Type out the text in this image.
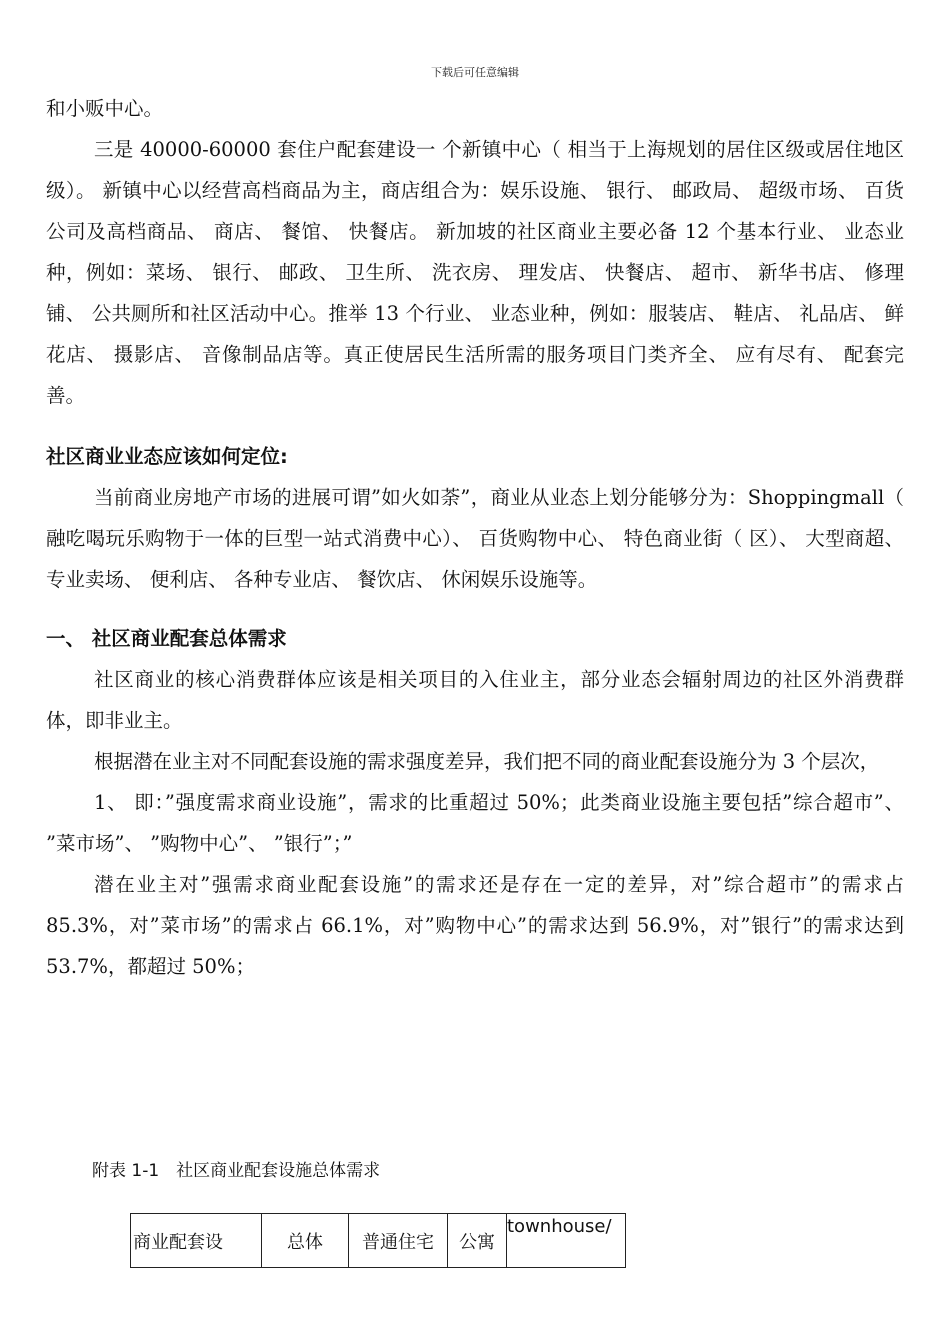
下载后可任意编辑

和小贩中心。

三是 40000-60000 套住户配套建设一 个新镇中心（ 相当于上海规划的居住区级或居住地区级）。 新镇中心以经营高档商品为主，商店组合为：娱乐设施、 银行、 邮政局、 超级市场、 百货公司及高档商品、 商店、 餐馆、 快餐店。 新加坡的社区商业主要必备 12 个基本行业、 业态业种，例如：菜场、 银行、 邮政、 卫生所、 洗衣房、 理发店、 快餐店、 超市、 新华书店、 修理铺、 公共厕所和社区活动中心。推举 13 个行业、 业态业种，例如：服装店、 鞋店、 礼品店、 鲜花店、 摄影店、 音像制品店等。真正使居民生活所需的服务项目门类齐全、 应有尽有、 配套完善。

社区商业业态应该如何定位:

当前商业房地产市场的进展可谓”如火如荼”，商业从业态上划分能够分为：Shoppingmall（ 融吃喝玩乐购物于一体的巨型一站式消费中心）、 百货购物中心、 特色商业街（ 区）、 大型商超、 专业卖场、 便利店、 各种专业店、 餐饮店、 休闲娱乐设施等。

一、 社区商业配套总体需求

社区商业的核心消费群体应该是相关项目的入住业主，部分业态会辐射周边的社区外消费群体，即非业主。

根据潜在业主对不同配套设施的需求强度差异，我们把不同的商业配套设施分为 3 个层次，

1、 即：”强度需求商业设施”，需求的比重超过 50%；此类商业设施主要包括”综合超市”、 ”菜市场”、 ”购物中心”、 ”银行”；”

潜在业主对”强需求商业配套设施”的需求还是存在一定的差异，对”综合超市”的需求占 85.3%，对”菜市场”的需求占 66.1%，对”购物中心”的需求达到 56.9%，对”银行”的需求达到 53.7%，都超过 50%；

附表 1-1　社区商业配套设施总体需求
商业配套设	总体	普通住宅	公寓	townhouse/
